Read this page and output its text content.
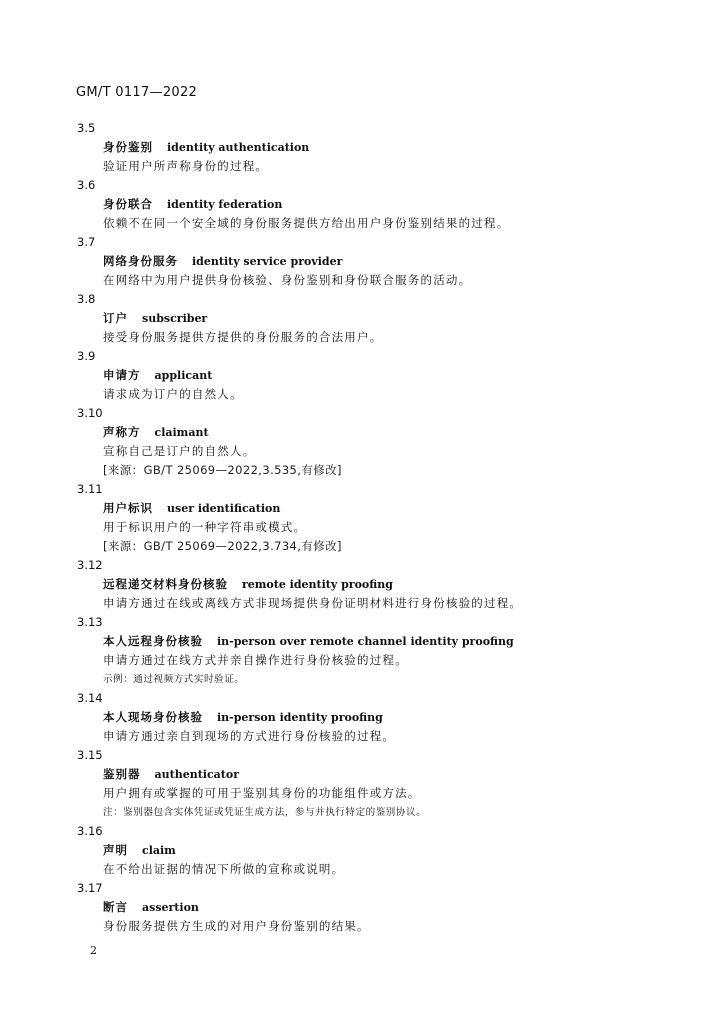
GM/T 0117—2022
3.5
身份鉴别 identity authentication
验证用户所声称身份的过程。
3.6
身份联合 identity federation
依赖不在同一个安全域的身份服务提供方给出用户身份鉴别结果的过程。
3.7
网络身份服务 identity service provider
在网络中为用户提供身份核验、身份鉴别和身份联合服务的活动。
3.8
订户 subscriber
接受身份服务提供方提供的身份服务的合法用户。
3.9
申请方 applicant
请求成为订户的自然人。
3.10
声称方 claimant
宣称自己是订户的自然人。
[来源：GB/T 25069—2022,3.535,有修改]
3.11
用户标识 user identification
用于标识用户的一种字符串或模式。
[来源：GB/T 25069—2022,3.734,有修改]
3.12
远程递交材料身份核验 remote identity proofing
申请方通过在线或离线方式非现场提供身份证明材料进行身份核验的过程。
3.13
本人远程身份核验 in-person over remote channel identity proofing
申请方通过在线方式并亲自操作进行身份核验的过程。
示例：通过视频方式实时验证。
3.14
本人现场身份核验 in-person identity proofing
申请方通过亲自到现场的方式进行身份核验的过程。
3.15
鉴别器 authenticator
用户拥有或掌握的可用于鉴别其身份的功能组件或方法。
注：鉴别器包含实体凭证或凭证生成方法，参与并执行特定的鉴别协议。
3.16
声明 claim
在不给出证据的情况下所做的宣称或说明。
3.17
断言 assertion
身份服务提供方生成的对用户身份鉴别的结果。
2
